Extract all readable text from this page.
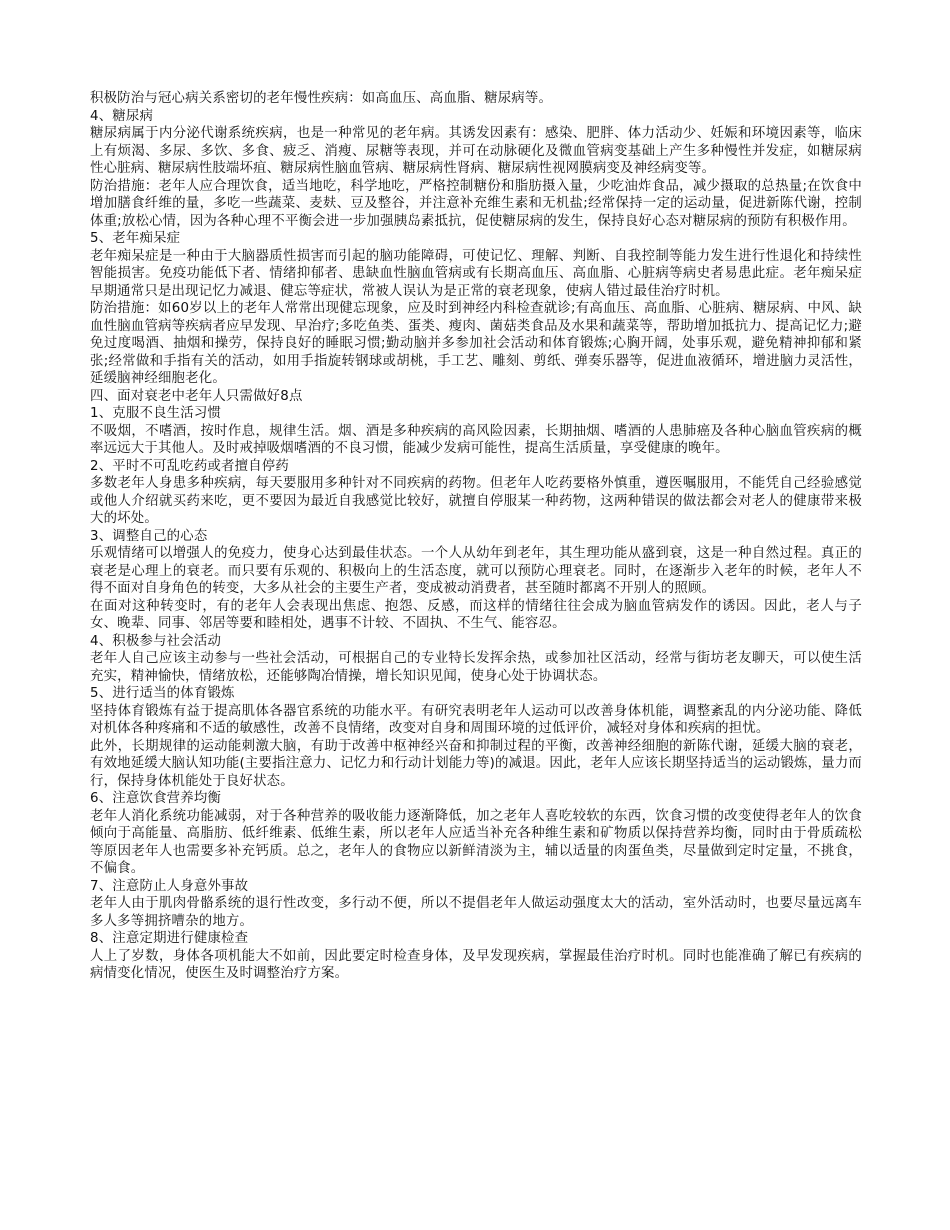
积极防治与冠心病关系密切的老年慢性疾病：如高血压、高血脂、糖尿病等。

4、糖尿病

糖尿病属于内分泌代谢系统疾病，也是一种常见的老年病。其诱发因素有：感染、肥胖、体力活动少、妊娠和环境因素等，临床上有烦渴、多尿、多饮、多食、疲乏、消瘦、尿糖等表现，并可在动脉硬化及微血管病变基础上产生多种慢性并发症，如糖尿病性心脏病、糖尿病性肢端坏疽、糖尿病性脑血管病、糖尿病性肾病、糖尿病性视网膜病变及神经病变等。

防治措施：老年人应合理饮食，适当地吃，科学地吃，严格控制糖份和脂肪摄入量，少吃油炸食品，减少摄取的总热量;在饮食中增加膳食纤维的量，多吃一些蔬菜、麦麸、豆及整谷，并注意补充维生素和无机盐;经常保持一定的运动量，促进新陈代谢，控制体重;放松心情，因为各种心理不平衡会进一步加强胰岛素抵抗，促使糖尿病的发生，保持良好心态对糖尿病的预防有积极作用。

5、老年痴呆症

老年痴呆症是一种由于大脑器质性损害而引起的脑功能障碍，可使记忆、理解、判断、自我控制等能力发生进行性退化和持续性智能损害。免疫功能低下者、情绪抑郁者、患缺血性脑血管病或有长期高血压、高血脂、心脏病等病史者易患此症。老年痴呆症早期通常只是出现记忆力减退、健忘等症状，常被人误认为是正常的衰老现象，使病人错过最佳治疗时机。

防治措施：如60岁以上的老年人常常出现健忘现象，应及时到神经内科检查就诊;有高血压、高血脂、心脏病、糖尿病、中风、缺血性脑血管病等疾病者应早发现、早治疗;多吃鱼类、蛋类、瘦肉、菌菇类食品及水果和蔬菜等，帮助增加抵抗力、提高记忆力;避免过度喝酒、抽烟和操劳，保持良好的睡眠习惯;勤动脑并多参加社会活动和体育锻炼;心胸开阔，处事乐观，避免精神抑郁和紧张;经常做和手指有关的活动，如用手指旋转钢球或胡桃，手工艺、雕刻、剪纸、弹奏乐器等，促进血液循环，增进脑力灵活性，延缓脑神经细胞老化。

四、面对衰老中老年人只需做好8点

1、克服不良生活习惯

不吸烟，不嗜酒，按时作息，规律生活。烟、酒是多种疾病的高风险因素，长期抽烟、嗜酒的人患肺癌及各种心脑血管疾病的概率远远大于其他人。及时戒掉吸烟嗜酒的不良习惯，能减少发病可能性，提高生活质量，享受健康的晚年。

2、平时不可乱吃药或者擅自停药

多数老年人身患多种疾病，每天要服用多种针对不同疾病的药物。但老年人吃药要格外慎重，遵医嘱服用，不能凭自己经验感觉或他人介绍就买药来吃，更不要因为最近自我感觉比较好，就擅自停服某一种药物，这两种错误的做法都会对老人的健康带来极大的坏处。

3、调整自己的心态

乐观情绪可以增强人的免疫力，使身心达到最佳状态。一个人从幼年到老年，其生理功能从盛到衰，这是一种自然过程。真正的衰老是心理上的衰老。而只要有乐观的、积极向上的生活态度，就可以预防心理衰老。同时，在逐渐步入老年的时候，老年人不得不面对自身角色的转变，大多从社会的主要生产者，变成被动消费者，甚至随时都离不开别人的照顾。

在面对这种转变时，有的老年人会表现出焦虑、抱怨、反感，而这样的情绪往往会成为脑血管病发作的诱因。因此，老人与子女、晚辈、同事、邻居等要和睦相处，遇事不计较、不固执、不生气、能容忍。

4、积极参与社会活动

老年人自己应该主动参与一些社会活动，可根据自己的专业特长发挥余热，或参加社区活动，经常与街坊老友聊天，可以使生活充实，精神愉快，情绪放松，还能够陶冶情操，增长知识见闻，使身心处于协调状态。

5、进行适当的体育锻炼

坚持体育锻炼有益于提高肌体各器官系统的功能水平。有研究表明老年人运动可以改善身体机能，调整紊乱的内分泌功能、降低对机体各种疼痛和不适的敏感性，改善不良情绪，改变对自身和周围环境的过低评价，减轻对身体和疾病的担忧。

此外，长期规律的运动能刺激大脑，有助于改善中枢神经兴奋和抑制过程的平衡，改善神经细胞的新陈代谢，延缓大脑的衰老，有效地延缓大脑认知功能(主要指注意力、记忆力和行动计划能力等)的减退。因此，老年人应该长期坚持适当的运动锻炼，量力而行，保持身体机能处于良好状态。

6、注意饮食营养均衡

老年人消化系统功能减弱，对于各种营养的吸收能力逐渐降低，加之老年人喜吃较软的东西，饮食习惯的改变使得老年人的饮食倾向于高能量、高脂肪、低纤维素、低维生素，所以老年人应适当补充各种维生素和矿物质以保持营养均衡，同时由于骨质疏松等原因老年人也需要多补充钙质。总之，老年人的食物应以新鲜清淡为主，辅以适量的肉蛋鱼类，尽量做到定时定量，不挑食，不偏食。

7、注意防止人身意外事故

老年人由于肌肉骨骼系统的退行性改变，多行动不便，所以不提倡老年人做运动强度太大的活动，室外活动时，也要尽量远离车多人多等拥挤嘈杂的地方。

8、注意定期进行健康检查

人上了岁数，身体各项机能大不如前，因此要定时检查身体，及早发现疾病，掌握最佳治疗时机。同时也能准确了解已有疾病的病情变化情况，使医生及时调整治疗方案。
